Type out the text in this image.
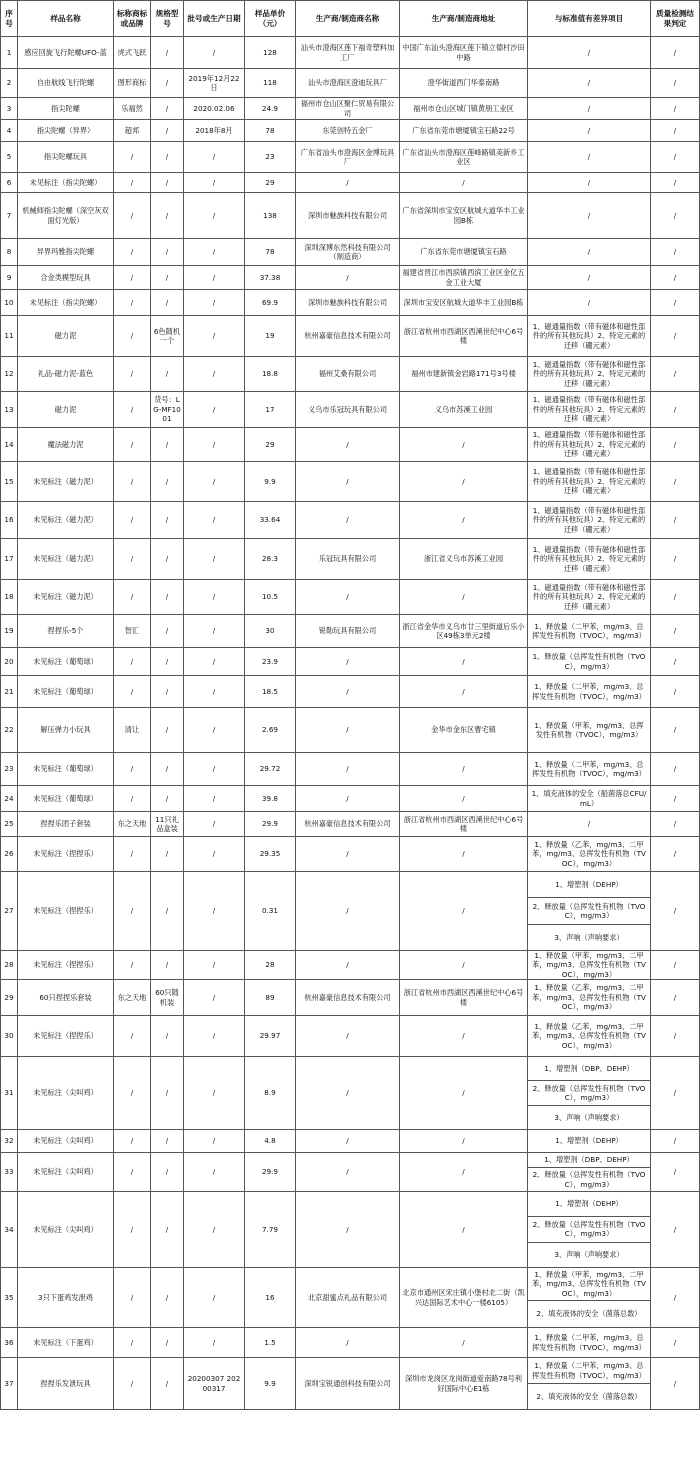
序号	样品名称	标称商标或品牌	规格型号	批号或生产日期	样品单价（元）	生产商/制造商名称	生产商/制造商地址	与标准值有差异项目	质量检测结果判定
1	感应回旋飞行陀螺UFO-蓝	虎式飞跃	/	/	128	汕头市澄海区莲下福奇塑料加工厂	中国广东汕头澄海区莲下镇立德村沙田中路	/	/
2	自由航线飞行陀螺	图形商标	/	2019年12月22日	118	汕头市澄海区澄迪玩具厂	澄华街道西门华泰南路	/	/
3	指尖陀螺	乐福然	/	2020.02.06	24.9	福州市仓山区聚仁贸易有限公司	福州市仓山区城门镇黄朋工业区	/	/
4	指尖陀螺（异界）	超邦	/	2018年8月	78	东莞创特五金厂	广东省东莞市塘厦镇宝石路22号	/	/
5	指尖陀螺玩具	/	/	/	23	广东省汕头市澄海区金博玩具厂	广东省汕头市澄海区莲峰路镇美新乡工业区	/	/
6	未见标注（指尖陀螺）	/	/	/	29	/	/	/	/
7	机械师指尖陀螺（深空灰双面灯光版）	/	/	/	138	深圳市魅族科技有限公司	广东省深圳市宝安区航城大道华丰工业园B栋	/	/
8	异界玛雅指尖陀螺	/	/	/	78	深圳深博东然科技有限公司（制造商）	广东省东莞市塘厦镇宝石路	/	/
9	合金类模型玩具	/	/	/	37.38	/	福建省晋江市西滨镇西滨工业区金亿五金工业大厦	/	/
10	未见标注（指尖陀螺）	/	/	/	69.9	深圳市魅族科技有限公司	深圳市宝安区航城大道华丰工业园B栋	/	/
11	磁力泥	/	6色随机一个	/	19	杭州嘉豪信息技术有限公司	浙江省杭州市西湖区西溪世纪中心6号楼	1、磁通量指数（带有磁体和磁性部件的所有其他玩具）2、特定元素的迁移（硼元素）	/
12	礼品-磁力泥-蓝色	/	/	/	18.8	福州艾桑有限公司	福州市建新镇金岩路171号3号楼	1、磁通量指数（带有磁体和磁性部件的所有其他玩具）2、特定元素的迁移（硼元素）	/
13	磁力泥	/	货号：LG-MF1001	/	17	义乌市乐冠玩具有限公司	义乌市苏溪工业园	1、磁通量指数（带有磁体和磁性部件的所有其他玩具）2、特定元素的迁移（硼元素）	/
14	魔法磁力泥	/	/	/	29	/	/	1、磁通量指数（带有磁体和磁性部件的所有其他玩具）2、特定元素的迁移（硼元素）	/
15	未见标注（磁力泥）	/	/	/	9.9	/	/	1、磁通量指数（带有磁体和磁性部件的所有其他玩具）2、特定元素的迁移（硼元素）	/
16	未见标注（磁力泥）	/	/	/	33.64	/	/	1、磁通量指数（带有磁体和磁性部件的所有其他玩具）2、特定元素的迁移（硼元素）	/
17	未见标注（磁力泥）	/	/	/	28.3	乐冠玩具有限公司	浙江省义乌市苏溪工业园	1、磁通量指数（带有磁体和磁性部件的所有其他玩具）2、特定元素的迁移（硼元素）	/
18	未见标注（磁力泥）	/	/	/	10.5	/	/	1、磁通量指数（带有磁体和磁性部件的所有其他玩具）2、特定元素的迁移（硼元素）	/
19	捏捏乐-5个	智汇	/	/	30	锐勒玩具有限公司	浙江省金华市义乌市廿三里街道后乐小区49栋3单元2楼	1、释放量（二甲苯，mg/m3、总挥发性有机物（TVOC），mg/m3）	/
20	未见标注（葡萄球）	/	/	/	23.9	/	/	1、释放量（总挥发性有机物（TVOC），mg/m3）	/
21	未见标注（葡萄球）	/	/	/	18.5	/	/	1、释放量（二甲苯，mg/m3、总挥发性有机物（TVOC），mg/m3）	/
22	解压弹力小玩具	清让	/	/	2.69	/	金华市金东区曹宅镇	1、释放量（甲苯，mg/m3、总挥发性有机物（TVOC），mg/m3）	/
23	未见标注（葡萄球）	/	/	/	29.72	/	/	1、释放量（二甲苯，mg/m3、总挥发性有机物（TVOC），mg/m3）	/
24	未见标注（葡萄球）	/	/	/	39.8	/	/	1、填充液体的安全（船菌落总CFU/mL）	/
25	捏捏乐团子套装	东之天地	11只礼品盒装	/	29.9	杭州嘉豪信息技术有限公司	浙江省杭州市西湖区西溪世纪中心6号楼	/	/
26	未见标注（捏捏乐）	/	/	/	29.35	/	/	1、释放量（乙苯，mg/m3、二甲苯，mg/m3、总挥发性有机物（TVOC），mg/m3）	/
27	未见标注（捏捏乐）	/	/	/	0.31	/	/	1、增塑剂（DEHP）
2、释放量（总挥发性有机物（TVOC），mg/m3）
3、声响（声响要求）	/
28	未见标注（捏捏乐）	/	/	/	28	/	/	1、释放量（甲苯，mg/m3、二甲苯，mg/m3、总挥发性有机物（TVOC），mg/m3）	/
29	60只捏捏乐套装	东之天地	60只随机装	/	89	杭州嘉豪信息技术有限公司	浙江省杭州市西湖区西溪世纪中心6号楼	1、释放量（乙苯，mg/m3、二甲苯，mg/m3、总挥发性有机物（TVOC），mg/m3）	/
30	未见标注（捏捏乐）	/	/	/	29.97	/	/	1、释放量（乙苯，mg/m3、二甲苯，mg/m3、总挥发性有机物（TVOC），mg/m3）	/
31	未见标注（尖叫鸡）	/	/	/	8.9	/	/	1、增塑剂（DBP、DEHP）
2、释放量（总挥发性有机物（TVOC），mg/m3）
3、声响（声响要求）	/
32	未见标注（尖叫鸡）	/	/	/	4.8	/	/	1、增塑剂（DEHP）	/
33	未见标注（尖叫鸡）	/	/	/	29.9	/	/	1、增塑剂（DBP、DEHP）
2、释放量（总挥发性有机物（TVOC），mg/m3）	/
34	未见标注（尖叫鸡）	/	/	/	7.79	/	/	1、增塑剂（DEHP）
2、释放量（总挥发性有机物（TVOC），mg/m3）
3、声响（声响要求）	/
35	3只下蛋鸡发泄鸡	/	/	/	16	北京甜蜜点礼品有限公司	北京市通州区宋庄镇小堡村北二街（凯兴达国际艺术中心一楼6105）	1、释放量（甲苯，mg/m3、二甲苯，mg/m3、总挥发性有机物（TVOC），mg/m3）
2、填充液体的安全（菌落总数）	/
36	未见标注（下蛋鸡）	/	/	/	1.5	/	/	1、释放量（二甲苯，mg/m3、总挥发性有机物（TVOC），mg/m3）	/
37	捏捏乐发泄玩具	/	/	20200307 20200317	9.9	深圳宝锐通创科技有限公司	深圳市龙岗区龙岗街道爱南路78号利好国际中心E1栋	1、释放量（二甲苯，mg/m3、总挥发性有机物（TVOC），mg/m3）
2、填充液体的安全（菌落总数）	/
